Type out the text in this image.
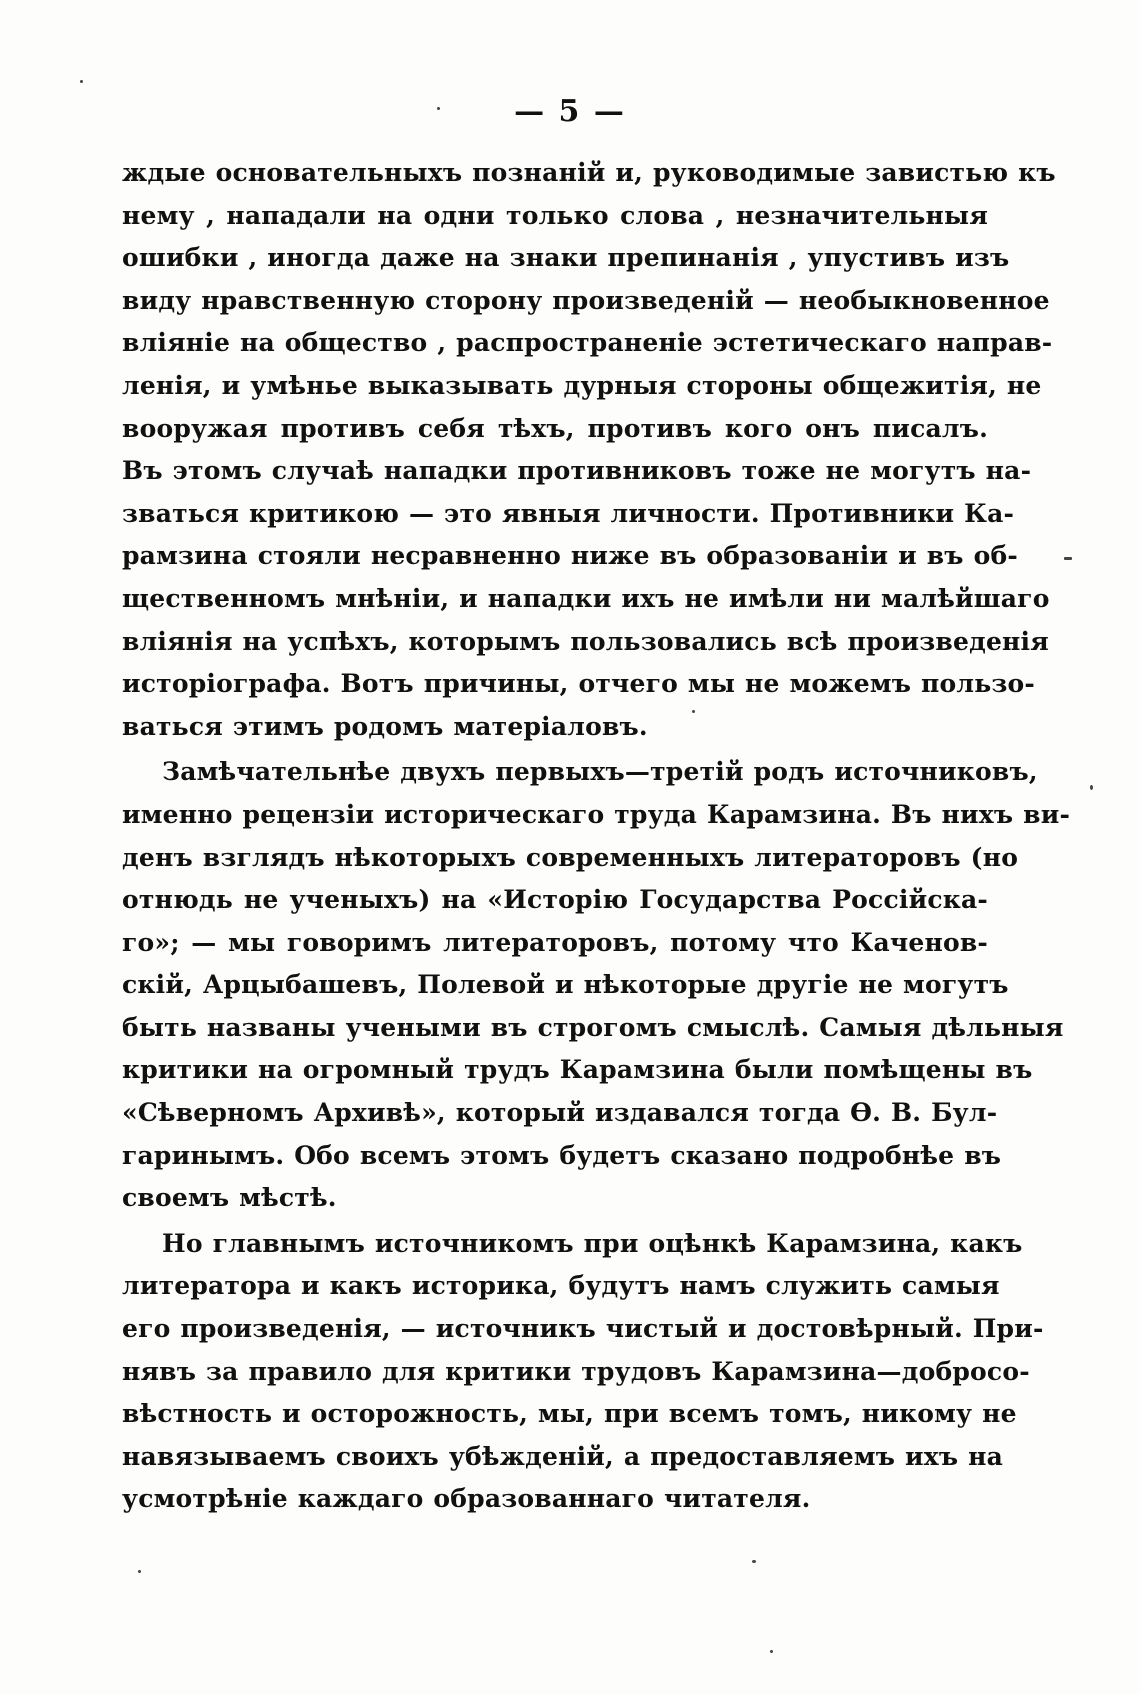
— 5 —
ждые основательныхъ познаній и, руководимые завистью къ
нему , нападали на одни только слова , незначительныя
ошибки , иногда даже на знаки препинанія , упустивъ изъ
виду нравственную сторону произведеній — необыкновенное
вліяніе на общество , распространеніе эстетическаго направ-
ленія, и умѣнье выказывать дурныя стороны общежитія, не
вооружая противъ себя тѣхъ, противъ кого онъ писалъ.
Въ этомъ случаѣ нападки противниковъ тоже не могутъ на-
зваться критикою — это явныя личности. Противники Ка-
рамзина стояли несравненно ниже въ образованіи и въ об-
щественномъ мнѣніи, и нападки ихъ не имѣли ни малѣйшаго
вліянія на успѣхъ, которымъ пользовались всѣ произведенія
исторіографа. Вотъ причины, отчего мы не можемъ пользо-
ваться этимъ родомъ матеріаловъ.
Замѣчательнѣе двухъ первыхъ—третій родъ источниковъ,
именно рецензіи историческаго труда Карамзина. Въ нихъ ви-
денъ взглядъ нѣкоторыхъ современныхъ литераторовъ (но
отнюдь не ученыхъ) на «Исторію Государства Россійска-
го»; — мы говоримъ литераторовъ, потому что Каченов-
скій, Арцыбашевъ, Полевой и нѣкоторые другіе не могутъ
быть названы учеными въ строгомъ смыслѣ. Самыя дѣльныя
критики на огромный трудъ Карамзина были помѣщены въ
«Сѣверномъ Архивѣ», который издавался тогда Ѳ. В. Бул-
гаринымъ. Обо всемъ этомъ будетъ сказано подробнѣе въ
своемъ мѣстѣ.
Но главнымъ источникомъ при оцѣнкѣ Карамзина, какъ
литератора и какъ историка, будутъ намъ служить самыя
его произведенія, — источникъ чистый и достовѣрный. При-
нявъ за правило для критики трудовъ Карамзина—добросо-
вѣстность и осторожность, мы, при всемъ томъ, никому не
навязываемъ своихъ убѣжденій, а предоставляемъ ихъ на
усмотрѣніе каждаго образованнаго читателя.
